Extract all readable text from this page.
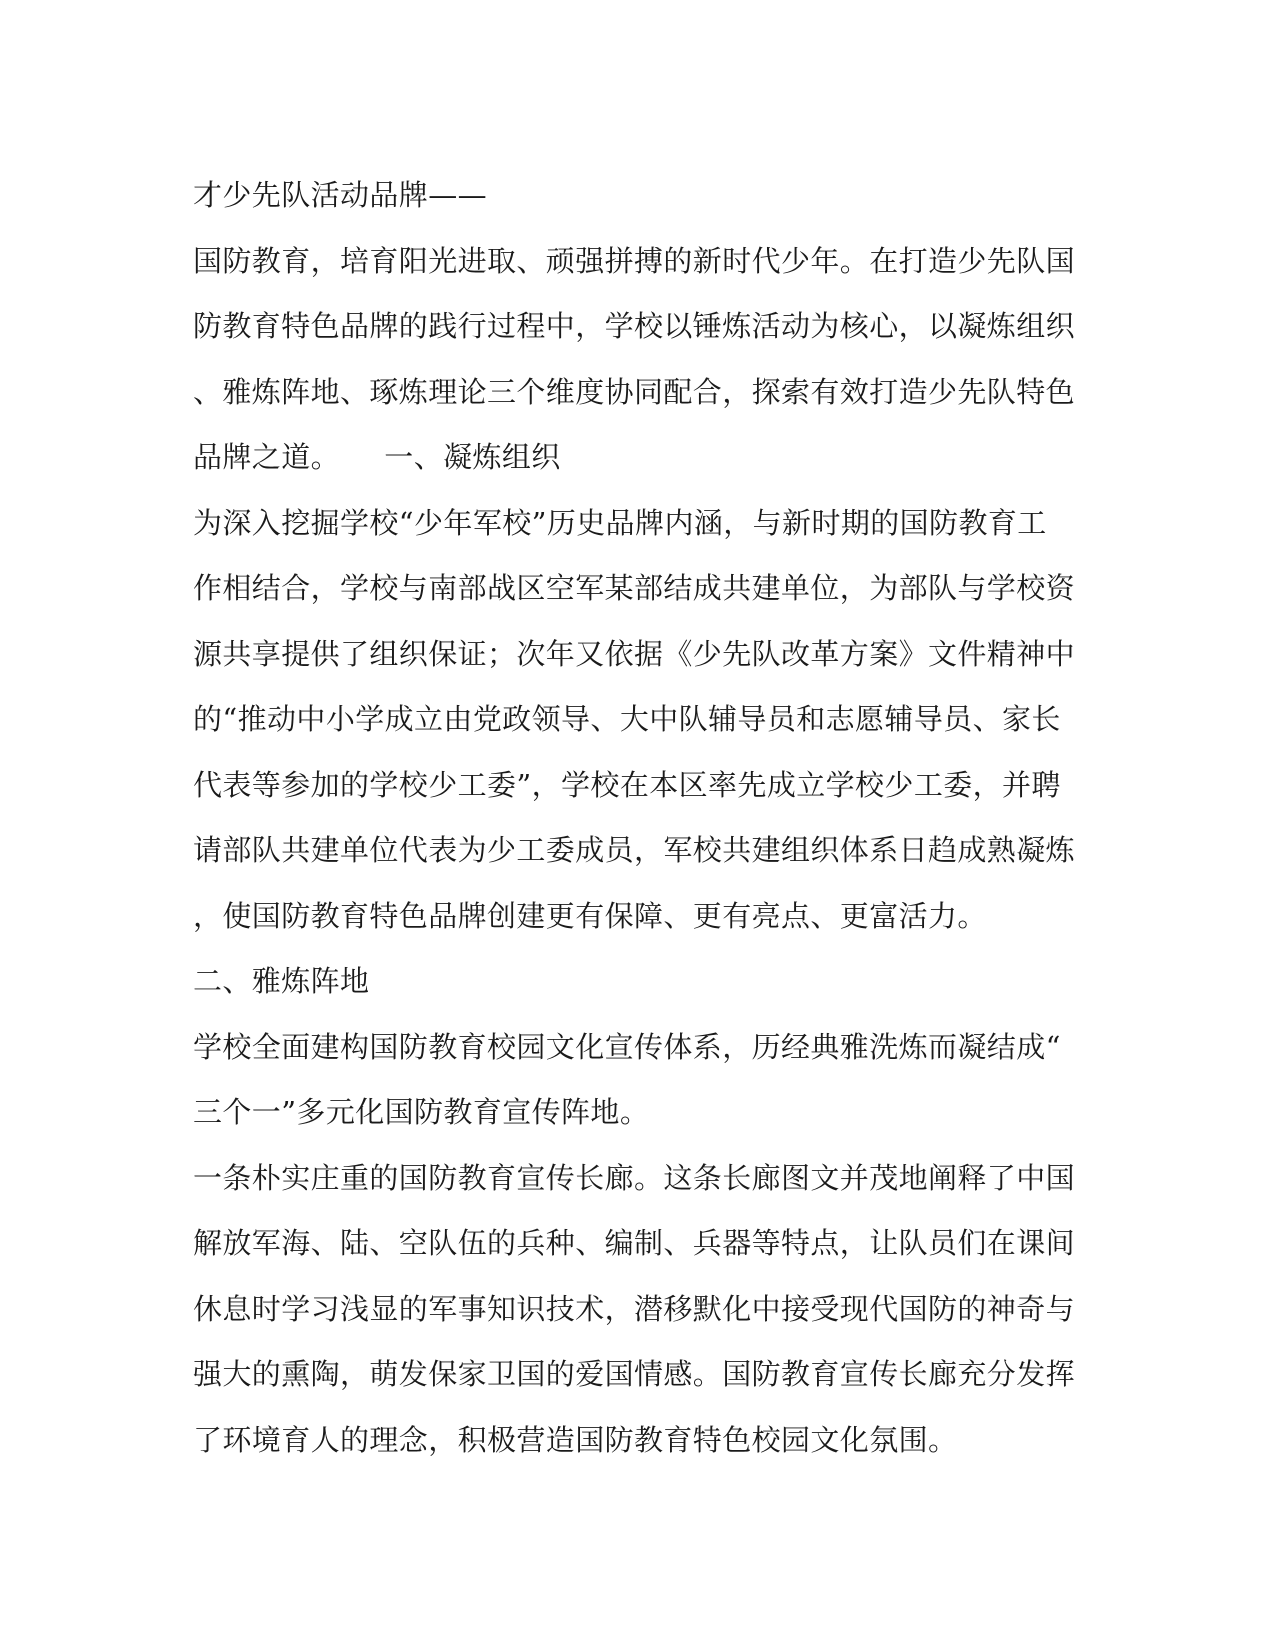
才少先队活动品牌——
国防教育，培育阳光进取、顽强拼搏的新时代少年。在打造少先队国
防教育特色品牌的践行过程中，学校以锤炼活动为核心，以凝炼组织
、雅炼阵地、琢炼理论三个维度协同配合，探索有效打造少先队特色
品牌之道。　　一、凝炼组织
为深入挖掘学校“少年军校”历史品牌内涵，与新时期的国防教育工
作相结合，学校与南部战区空军某部结成共建单位，为部队与学校资
源共享提供了组织保证；次年又依据《少先队改革方案》文件精神中
的“推动中小学成立由党政领导、大中队辅导员和志愿辅导员、家长
代表等参加的学校少工委”，学校在本区率先成立学校少工委，并聘
请部队共建单位代表为少工委成员，军校共建组织体系日趋成熟凝炼
，使国防教育特色品牌创建更有保障、更有亮点、更富活力。
二、雅炼阵地
学校全面建构国防教育校园文化宣传体系，历经典雅洗炼而凝结成“
三个一”多元化国防教育宣传阵地。
一条朴实庄重的国防教育宣传长廊。这条长廊图文并茂地阐释了中国
解放军海、陆、空队伍的兵种、编制、兵器等特点，让队员们在课间
休息时学习浅显的军事知识技术，潜移默化中接受现代国防的神奇与
强大的熏陶，萌发保家卫国的爱国情感。国防教育宣传长廊充分发挥
了环境育人的理念，积极营造国防教育特色校园文化氛围。
